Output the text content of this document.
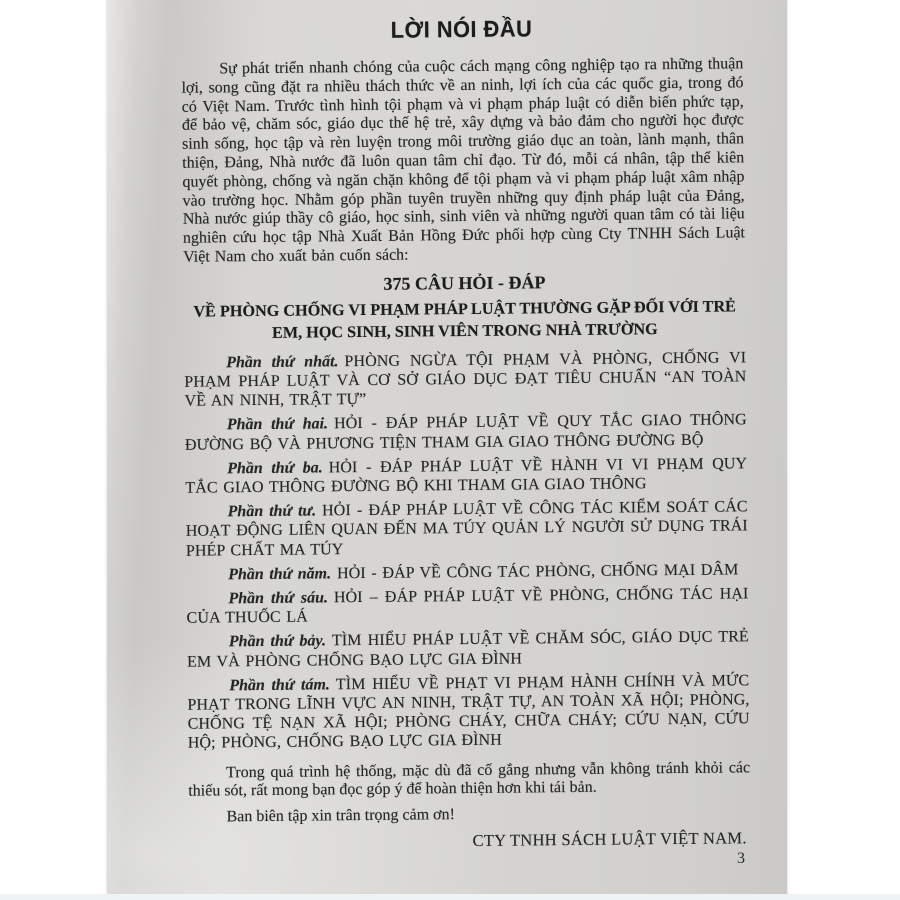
LỜI NÓI ĐẦU

Sự phát triển nhanh chóng của cuộc cách mạng công nghiệp tạo ra những thuận lợi, song cũng đặt ra nhiều thách thức về an ninh, lợi ích của các quốc gia, trong đó có Việt Nam. Trước tình hình tội phạm và vi phạm pháp luật có diễn biến phức tạp, để bảo vệ, chăm sóc, giáo dục thế hệ trẻ, xây dựng và bảo đảm cho người học được sinh sống, học tập và rèn luyện trong môi trường giáo dục an toàn, lành mạnh, thân thiện, Đảng, Nhà nước đã luôn quan tâm chỉ đạo. Từ đó, mỗi cá nhân, tập thể kiên quyết phòng, chống và ngăn chặn không để tội phạm và vi phạm pháp luật xâm nhập vào trường học. Nhằm góp phần tuyên truyền những quy định pháp luật của Đảng, Nhà nước giúp thầy cô giáo, học sinh, sinh viên và những người quan tâm có tài liệu nghiên cứu học tập Nhà Xuất Bản Hồng Đức phối hợp cùng Cty TNHH Sách Luật Việt Nam cho xuất bản cuốn sách:

375 CÂU HỎI - ĐÁP

VỀ PHÒNG CHỐNG VI PHẠM PHÁP LUẬT THƯỜNG GẶP ĐỐI VỚI TRẺ EM, HỌC SINH, SINH VIÊN TRONG NHÀ TRƯỜNG

Phần thứ nhất. PHÒNG NGỪA TỘI PHẠM VÀ PHÒNG, CHỐNG VI PHẠM PHÁP LUẬT VÀ CƠ SỞ GIÁO DỤC ĐẠT TIÊU CHUẨN “AN TOÀN VỀ AN NINH, TRẬT TỰ”

Phần thứ hai. HỎI - ĐÁP PHÁP LUẬT VỀ QUY TẮC GIAO THÔNG ĐƯỜNG BỘ VÀ PHƯƠNG TIỆN THAM GIA GIAO THÔNG ĐƯỜNG BỘ

Phần thứ ba. HỎI - ĐÁP PHÁP LUẬT VỀ HÀNH VI VI PHẠM QUY TẮC GIAO THÔNG ĐƯỜNG BỘ KHI THAM GIA GIAO THÔNG

Phần thứ tư. HỎI - ĐÁP PHÁP LUẬT VỀ CÔNG TÁC KIỂM SOÁT CÁC HOẠT ĐỘNG LIÊN QUAN ĐẾN MA TÚY QUẢN LÝ NGƯỜI SỬ DỤNG TRÁI PHÉP CHẤT MA TÚY

Phần thứ năm. HỎI - ĐÁP VỀ CÔNG TÁC PHÒNG, CHỐNG MẠI DÂM

Phần thứ sáu. HỎI – ĐÁP PHÁP LUẬT VỀ PHÒNG, CHỐNG TÁC HẠI CỦA THUỐC LÁ

Phần thứ bảy. TÌM HIỂU PHÁP LUẬT VỀ CHĂM SÓC, GIÁO DỤC TRẺ EM VÀ PHÒNG CHỐNG BẠO LỰC GIA ĐÌNH

Phần thứ tám. TÌM HIỂU VỀ PHẠT VI PHẠM HÀNH CHÍNH VÀ MỨC PHẠT TRONG LĨNH VỰC AN NINH, TRẬT TỰ, AN TOÀN XÃ HỘI; PHÒNG, CHỐNG TỆ NẠN XÃ HỘI; PHÒNG CHÁY, CHỮA CHÁY; CỨU NẠN, CỨU HỘ; PHÒNG, CHỐNG BẠO LỰC GIA ĐÌNH

Trong quá trình hệ thống, mặc dù đã cố gắng nhưng vẫn không tránh khỏi các thiếu sót, rất mong bạn đọc góp ý để hoàn thiện hơn khi tái bản.

Ban biên tập xin trân trọng cảm ơn!

CTY TNHH SÁCH LUẬT VIỆT NAM.

3
